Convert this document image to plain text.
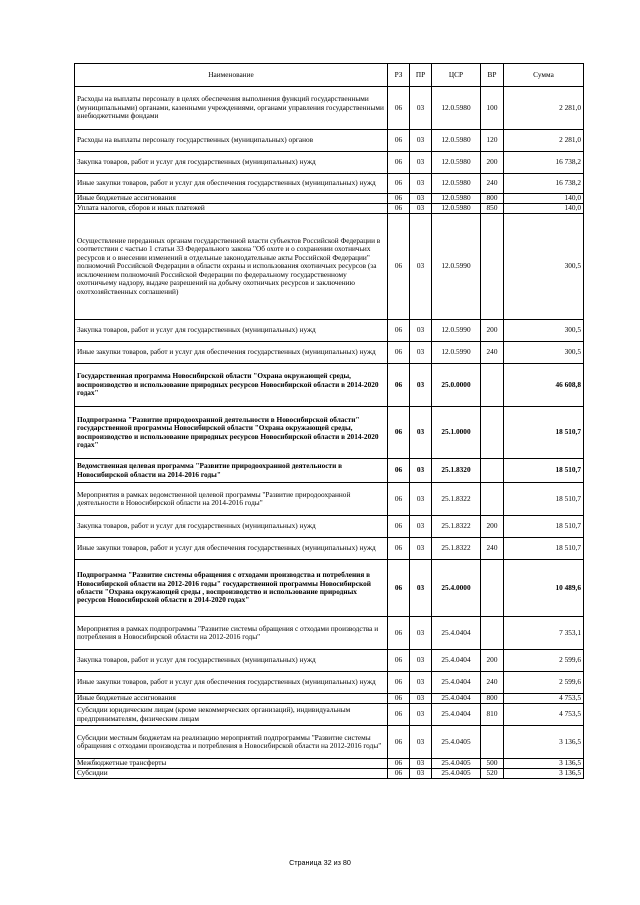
Наименование	РЗ	ПР	ЦСР	ВР	Сумма
Расходы на выплаты персоналу в целях обеспечения выполнения функций государственными (муниципальными) органами, казенными учреждениями, органами управления государственными внебюджетными фондами	06	03	12.0.5980	100	2 281,0
Расходы на выплаты персоналу государственных (муниципальных) органов	06	03	12.0.5980	120	2 281,0
Закупка товаров, работ и услуг для государственных (муниципальных) нужд	06	03	12.0.5980	200	16 738,2
Иные закупки товаров, работ и услуг для обеспечения государственных (муниципальных) нужд	06	03	12.0.5980	240	16 738,2
Иные бюджетные ассигнования	06	03	12.0.5980	800	140,0
Уплата налогов, сборов и иных платежей	06	03	12.0.5980	850	140,0
Осуществление переданных органам государственной власти субъектов Российской Федерации в соответствии с частью 1 статьи 33 Федерального закона "Об охоте и о сохранении охотничьих ресурсов и о внесении изменений в отдельные законодательные акты Российской Федерации" полномочий Российской Федерации в области охраны и использования охотничьих ресурсов (за исключением полномочий Российской Федерации по федеральному государственному охотничьему надзору, выдаче разрешений на добычу охотничьих ресурсов и заключению охотхозяйственных соглашений)	06	03	12.0.5990		300,5
Закупка товаров, работ и услуг для государственных (муниципальных) нужд	06	03	12.0.5990	200	300,5
Иные закупки товаров, работ и услуг для обеспечения государственных (муниципальных) нужд	06	03	12.0.5990	240	300,5
Государственная программа Новосибирской области "Охрана окружающей среды, воспроизводство и использование природных ресурсов Новосибирской области в 2014-2020 годах"	06	03	25.0.0000		46 608,8
Подпрограмма "Развитие природоохранной деятельности в Новосибирской области" государственной программы Новосибирской области "Охрана окружающей среды, воспроизводство и использование природных ресурсов Новосибирской области в 2014-2020 годах"	06	03	25.1.0000		18 510,7
Ведомственная целевая программа "Развитие природоохранной деятельности в Новосибирской области на 2014-2016 годы"	06	03	25.1.8320		18 510,7
Мероприятия в рамках ведомственной целевой программы "Развитие природоохранной деятельности в Новосибирской области на 2014-2016 годы"	06	03	25.1.8322		18 510,7
Закупка товаров, работ и услуг для государственных (муниципальных) нужд	06	03	25.1.8322	200	18 510,7
Иные закупки товаров, работ и услуг для обеспечения государственных (муниципальных) нужд	06	03	25.1.8322	240	18 510,7
Подпрограмма "Развитие системы обращения с отходами производства и потребления в Новосибирской области на 2012-2016 годы" государственной программы Новосибирской области "Охрана окружающей среды , воспроизводство и использование природных ресурсов Новосибирской области в 2014-2020 годах"	06	03	25.4.0000		10 489,6
Мероприятия в рамках подпрограммы "Развитие системы обращения с отходами производства и потребления в Новосибирской области на 2012-2016 годы"	06	03	25.4.0404		7 353,1
Закупка товаров, работ и услуг для государственных (муниципальных) нужд	06	03	25.4.0404	200	2 599,6
Иные закупки товаров, работ и услуг для обеспечения государственных (муниципальных) нужд	06	03	25.4.0404	240	2 599,6
Иные бюджетные ассигнования	06	03	25.4.0404	800	4 753,5
Субсидии юридическим лицам (кроме некоммерческих организаций), индивидуальным предпринимателям, физическим лицам	06	03	25.4.0404	810	4 753,5
Субсидии местным бюджетам на реализацию мероприятий подпрограммы "Развитие системы обращения с отходами производства и потребления в Новосибирской области на 2012-2016 годы"	06	03	25.4.0405		3 136,5
Межбюджетные трансферты	06	03	25.4.0405	500	3 136,5
Субсидии	06	03	25.4.0405	520	3 136,5
Страница 32 из 80
